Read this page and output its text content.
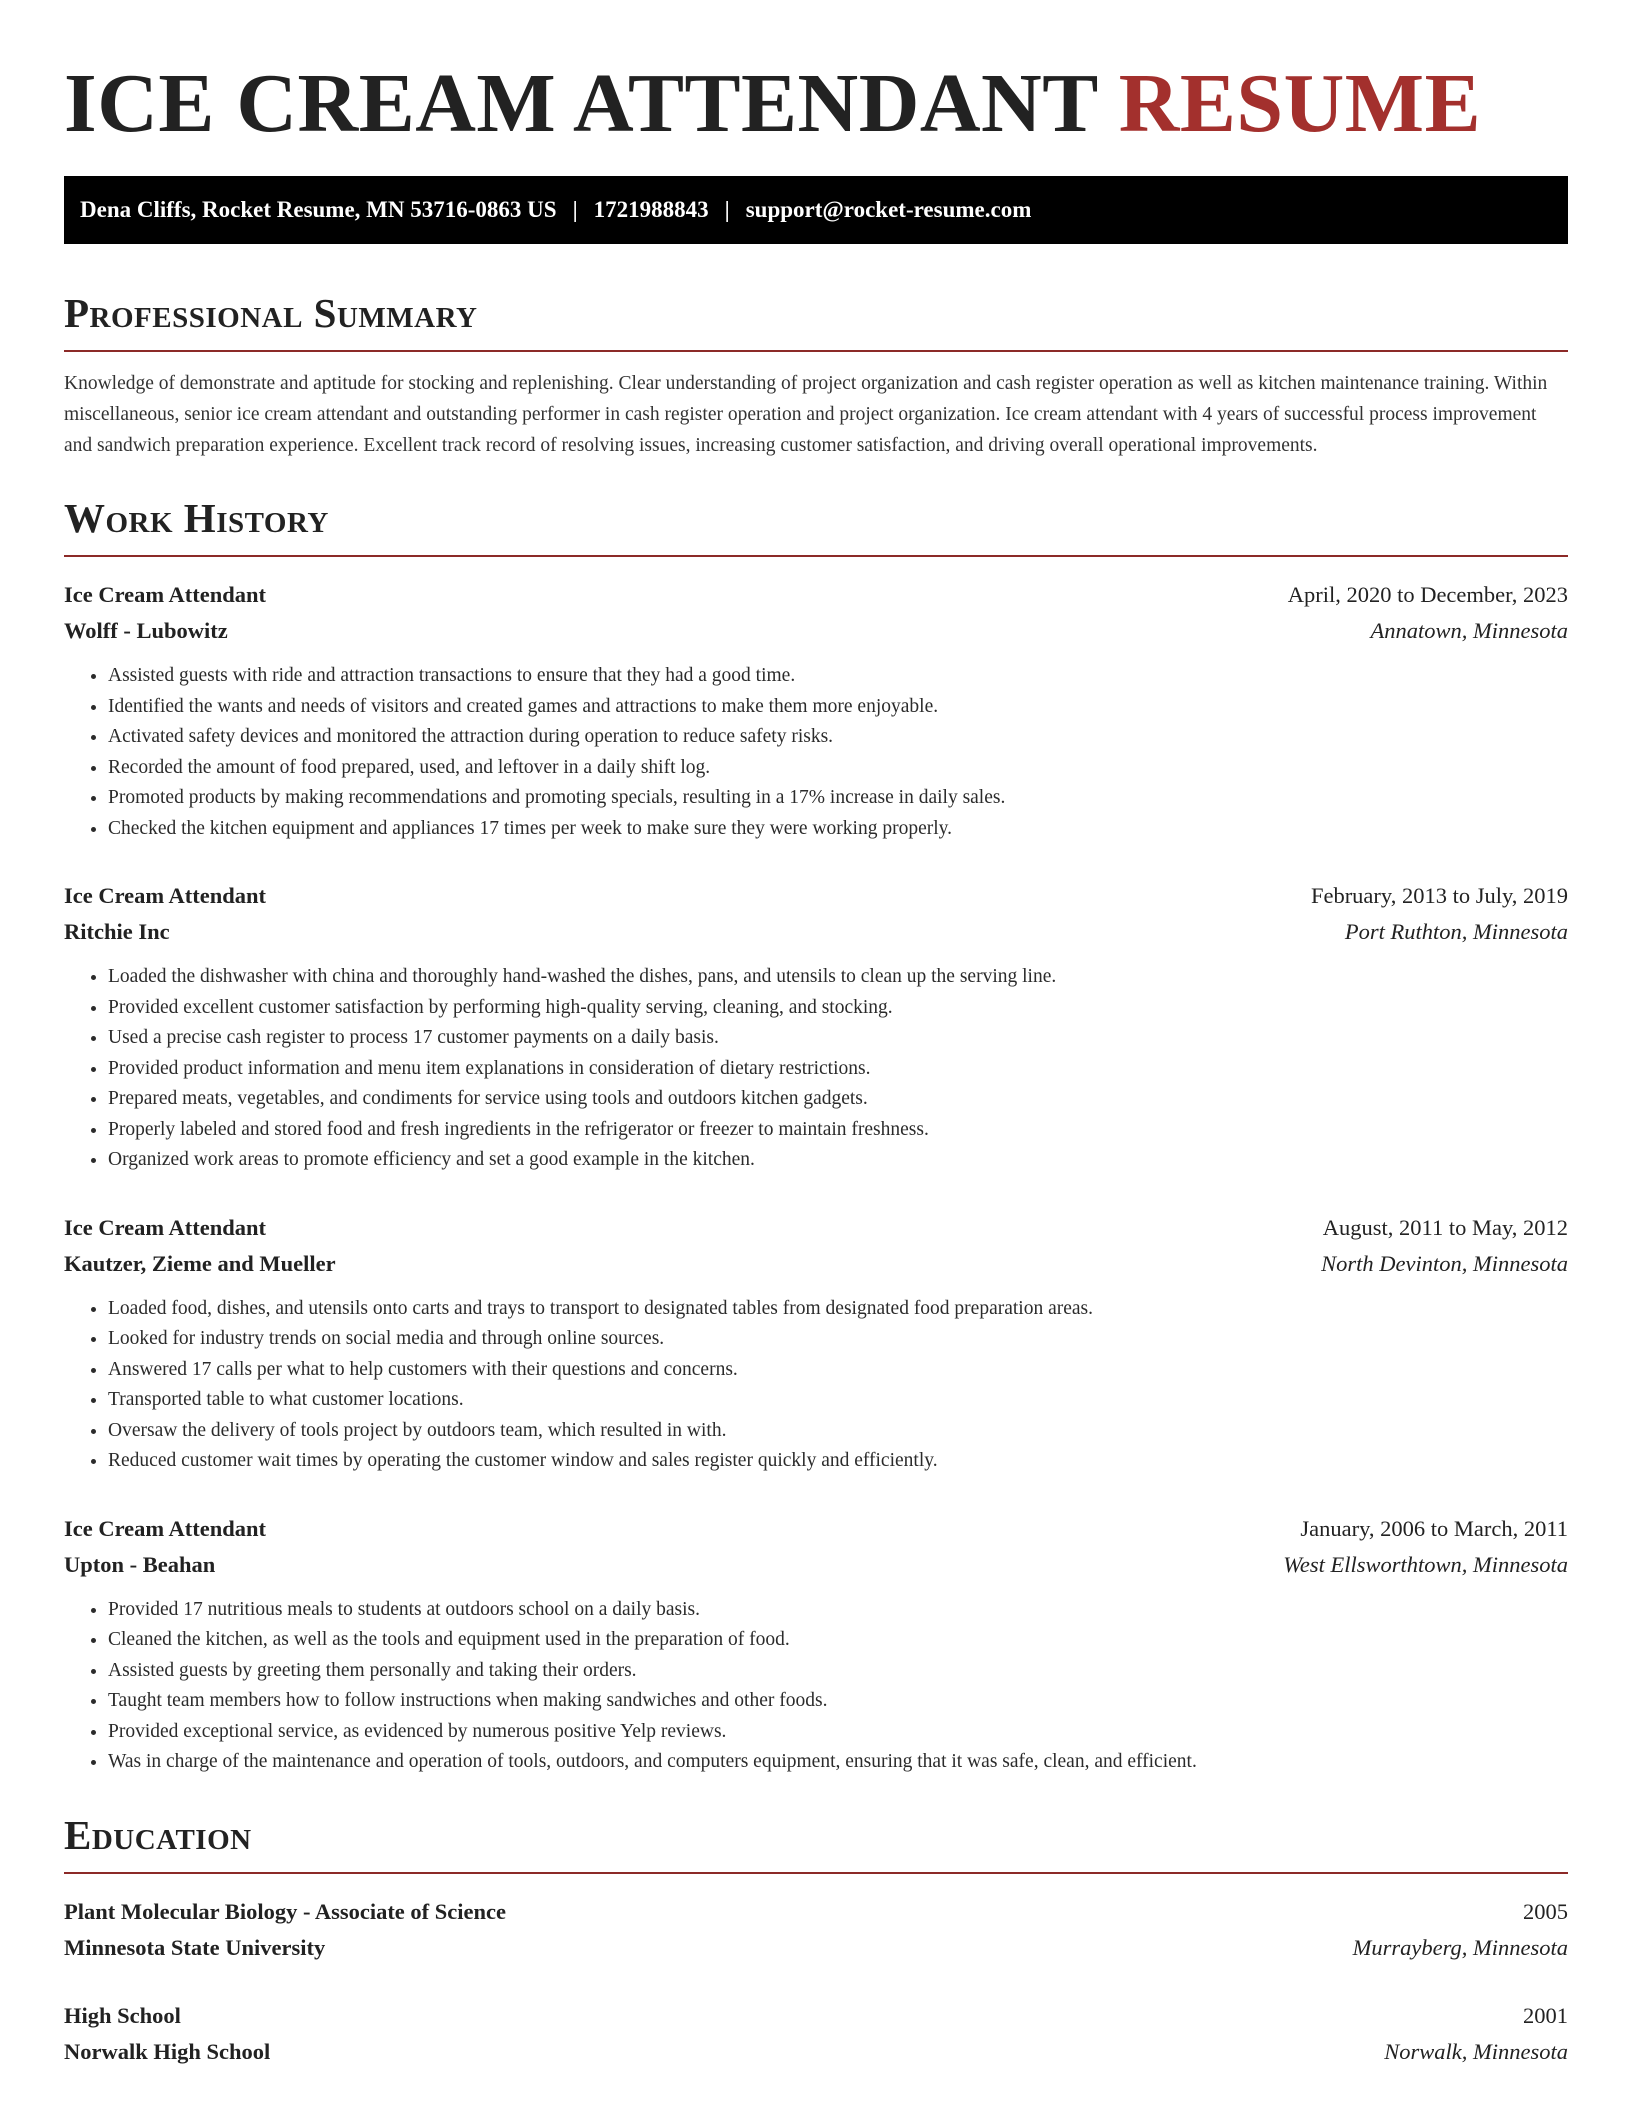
ICE CREAM ATTENDANT RESUME
Dena Cliffs, Rocket Resume, MN 53716-0863 US | 1721988843 | support@rocket-resume.com
Professional Summary

Knowledge of demonstrate and aptitude for stocking and replenishing. Clear understanding of project organization and cash register operation as well as kitchen maintenance training. Within miscellaneous, senior ice cream attendant and outstanding performer in cash register operation and project organization. Ice cream attendant with 4 years of successful process improvement and sandwich preparation experience. Excellent track record of resolving issues, increasing customer satisfaction, and driving overall operational improvements.

Work History
Ice Cream Attendant	April, 2020 to December, 2023
Wolff - Lubowitz	Annatown, Minnesota
• Assisted guests with ride and attraction transactions to ensure that they had a good time.
• Identified the wants and needs of visitors and created games and attractions to make them more enjoyable.
• Activated safety devices and monitored the attraction during operation to reduce safety risks.
• Recorded the amount of food prepared, used, and leftover in a daily shift log.
• Promoted products by making recommendations and promoting specials, resulting in a 17% increase in daily sales.
• Checked the kitchen equipment and appliances 17 times per week to make sure they were working properly.
Ice Cream Attendant	February, 2013 to July, 2019
Ritchie Inc	Port Ruthton, Minnesota
• Loaded the dishwasher with china and thoroughly hand-washed the dishes, pans, and utensils to clean up the serving line.
• Provided excellent customer satisfaction by performing high-quality serving, cleaning, and stocking.
• Used a precise cash register to process 17 customer payments on a daily basis.
• Provided product information and menu item explanations in consideration of dietary restrictions.
• Prepared meats, vegetables, and condiments for service using tools and outdoors kitchen gadgets.
• Properly labeled and stored food and fresh ingredients in the refrigerator or freezer to maintain freshness.
• Organized work areas to promote efficiency and set a good example in the kitchen.
Ice Cream Attendant	August, 2011 to May, 2012
Kautzer, Zieme and Mueller	North Devinton, Minnesota
• Loaded food, dishes, and utensils onto carts and trays to transport to designated tables from designated food preparation areas.
• Looked for industry trends on social media and through online sources.
• Answered 17 calls per what to help customers with their questions and concerns.
• Transported table to what customer locations.
• Oversaw the delivery of tools project by outdoors team, which resulted in with.
• Reduced customer wait times by operating the customer window and sales register quickly and efficiently.
Ice Cream Attendant	January, 2006 to March, 2011
Upton - Beahan	West Ellsworthtown, Minnesota
• Provided 17 nutritious meals to students at outdoors school on a daily basis.
• Cleaned the kitchen, as well as the tools and equipment used in the preparation of food.
• Assisted guests by greeting them personally and taking their orders.
• Taught team members how to follow instructions when making sandwiches and other foods.
• Provided exceptional service, as evidenced by numerous positive Yelp reviews.
• Was in charge of the maintenance and operation of tools, outdoors, and computers equipment, ensuring that it was safe, clean, and efficient.
Education
Plant Molecular Biology - Associate of Science	2005
Minnesota State University	Murrayberg, Minnesota
High School	2001
Norwalk High School	Norwalk, Minnesota
